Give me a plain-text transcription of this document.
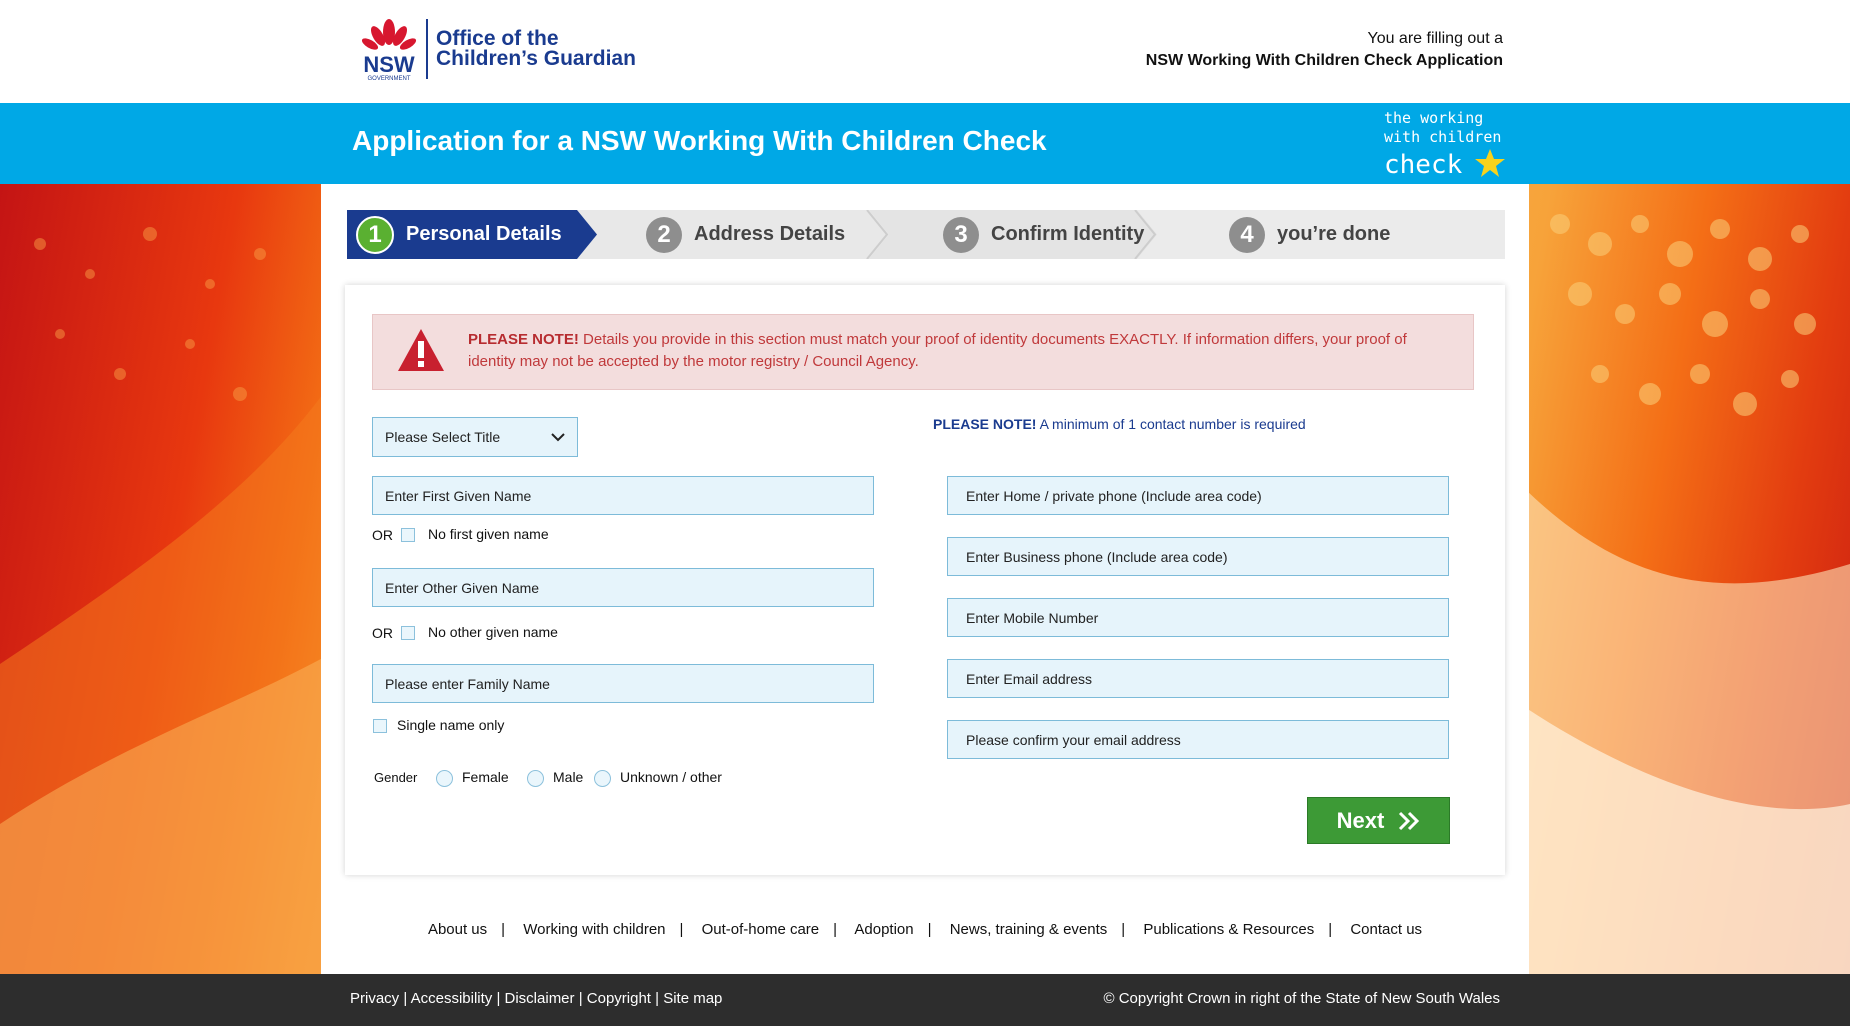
NSW
GOVERNMENT
Office of the
Children’s Guardian
You are filling out a
NSW Working With Children Check Application
Application for a NSW Working With Children Check
the working
with children
check
1	Personal Details	2	Address Details	3	Confirm Identity	4	you’re done
PLEASE NOTE! Details you provide in this section must match your proof of identity documents EXACTLY. If information differs, your proof of identity may not be accepted by the motor registry / Council Agency.
Please Select Title
Enter First Given Name
OR	No first given name
Enter Other Given Name
OR	No other given name
Please enter Family Name
Single name only
Gender	Female	Male	Unknown / other
PLEASE NOTE! A minimum of 1 contact number is required
Enter Home / private phone (Include area code)
Enter Business phone (Include area code)
Enter Mobile Number
Enter Email address
Please confirm your email address
Next
About us | Working with children | Out-of-home care | Adoption | News, training & events | Publications & Resources | Contact us
Privacy | Accessibility | Disclaimer | Copyright | Site map	© Copyright Crown in right of the State of New South Wales
